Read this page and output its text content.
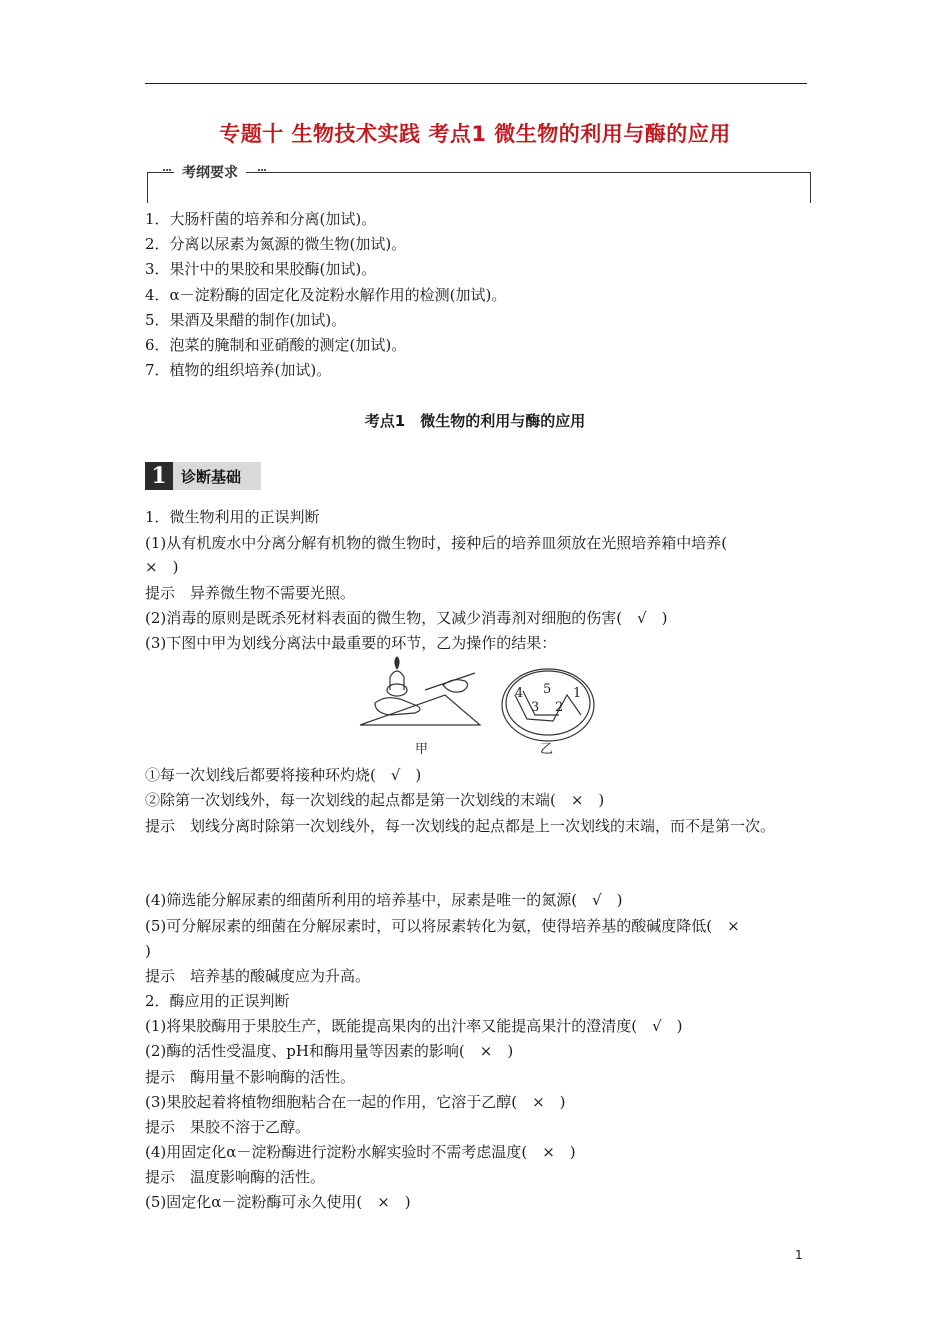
专题十 生物技术实践 考点1 微生物的利用与酶的应用
考纲要求
1．大肠杆菌的培养和分离(加试)。
2．分离以尿素为氮源的微生物(加试)。
3．果汁中的果胶和果胶酶(加试)。
4．α－淀粉酶的固定化及淀粉水解作用的检测(加试)。
5．果酒及果醋的制作(加试)。
6．泡菜的腌制和亚硝酸的测定(加试)。
7．植物的组织培养(加试)。
考点1　微生物的利用与酶的应用
1 诊断基础
1．微生物利用的正误判断
(1)从有机废水中分离分解有机物的微生物时，接种后的培养皿须放在光照培养箱中培养(
×　)
提示　异养微生物不需要光照。
(2)消毒的原则是既杀死材料表面的微生物，又减少消毒剂对细胞的伤害(　√　)
(3)下图中甲为划线分离法中最重要的环节，乙为操作的结果：
1
2
3
4 5
甲	乙
①每一次划线后都要将接种环灼烧(　√　)
②除第一次划线外，每一次划线的起点都是第一次划线的末端(　×　)
提示　划线分离时除第一次划线外，每一次划线的起点都是上一次划线的末端，而不是第一次。
(4)筛选能分解尿素的细菌所利用的培养基中，尿素是唯一的氮源(　√　)
(5)可分解尿素的细菌在分解尿素时，可以将尿素转化为氨，使得培养基的酸碱度降低(　×
)
提示　培养基的酸碱度应为升高。
2．酶应用的正误判断
(1)将果胶酶用于果胶生产，既能提高果肉的出汁率又能提高果汁的澄清度(　√　)
(2)酶的活性受温度、pH和酶用量等因素的影响(　×　)
提示　酶用量不影响酶的活性。
(3)果胶起着将植物细胞粘合在一起的作用，它溶于乙醇(　×　)
提示　果胶不溶于乙醇。
(4)用固定化α－淀粉酶进行淀粉水解实验时不需考虑温度(　×　)
提示　温度影响酶的活性。
(5)固定化α－淀粉酶可永久使用(　×　)
1
